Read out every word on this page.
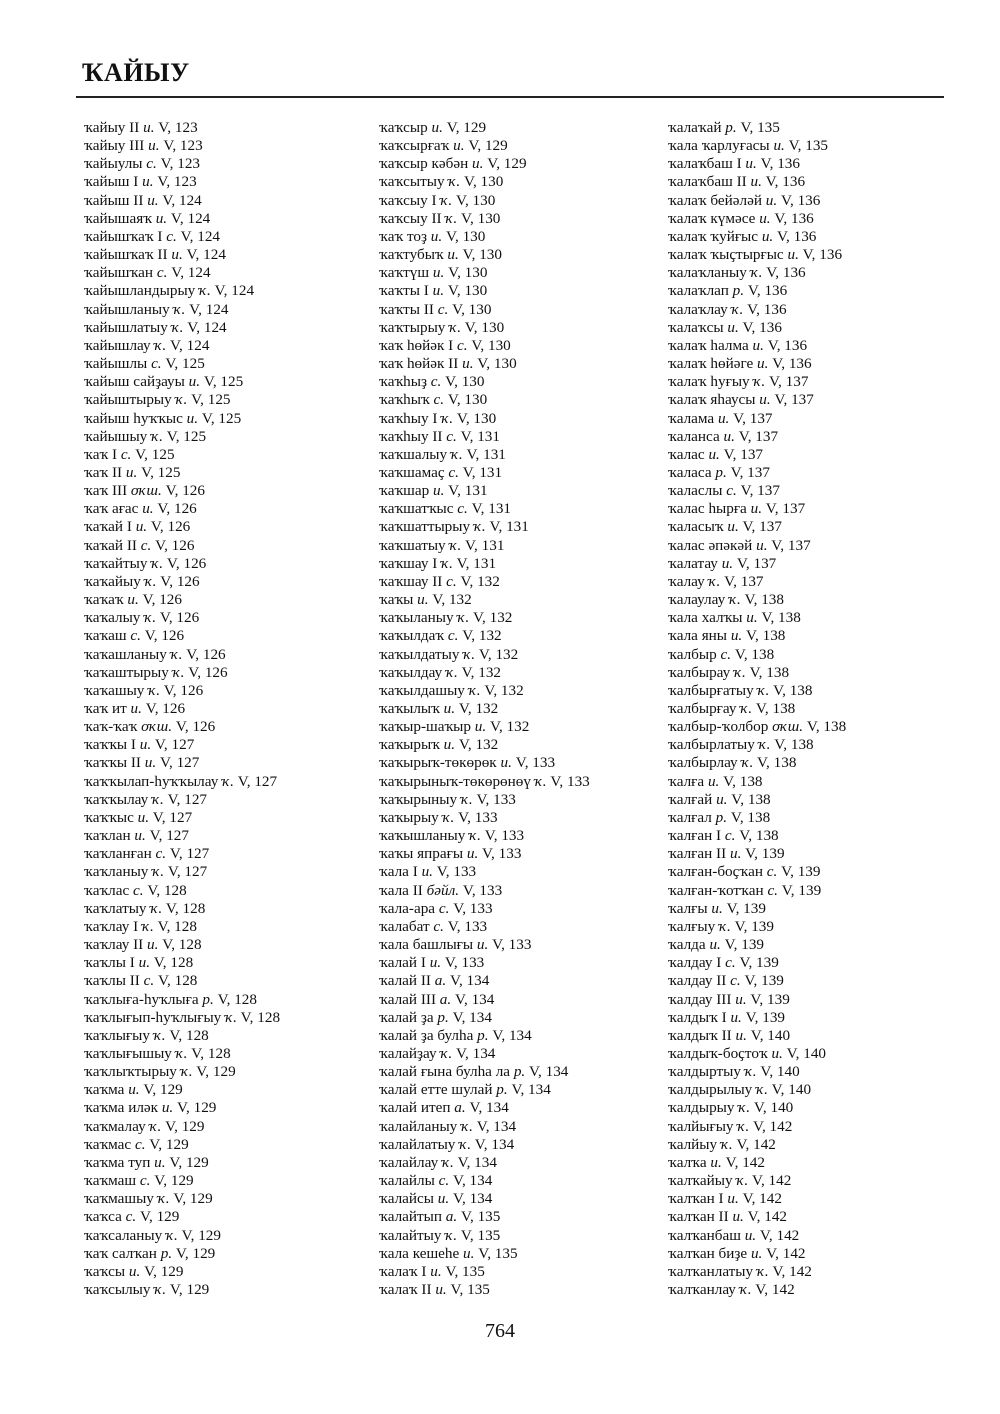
ҠАЙЫУ
ҡайыу II и. V, 123
ҡайыу III и. V, 123
ҡайыулы с. V, 123
ҡайыш I и. V, 123
ҡайыш II и. V, 124
ҡайышаяҡ и. V, 124
ҡайышҡаҡ I с. V, 124
ҡайышҡаҡ II и. V, 124
ҡайышҡан с. V, 124
ҡайышландырыу ҡ. V, 124
ҡайышланыу ҡ. V, 124
ҡайышлатыу ҡ. V, 124
ҡайышлау ҡ. V, 124
ҡайышлы с. V, 125
ҡайыш сайҙауы и. V, 125
ҡайыштырыу ҡ. V, 125
ҡайыш һуҡҡыс и. V, 125
ҡайышыу ҡ. V, 125
ҡаҡ I с. V, 125
ҡаҡ II и. V, 125
ҡаҡ III оҡш. V, 126
ҡаҡ ағас и. V, 126
ҡаҡай I и. V, 126
ҡаҡай II с. V, 126
ҡаҡайтыу ҡ. V, 126
ҡаҡайыу ҡ. V, 126
ҡаҡаҡ и. V, 126
ҡаҡалыу ҡ. V, 126
ҡаҡаш с. V, 126
ҡаҡашланыу ҡ. V, 126
ҡаҡаштырыу ҡ. V, 126
ҡаҡашыу ҡ. V, 126
ҡаҡ ит и. V, 126
ҡаҡ-ҡаҡ оҡш. V, 126
ҡаҡҡы I и. V, 127
ҡаҡҡы II и. V, 127
ҡаҡҡылап-һуҡҡылау ҡ. V, 127
ҡаҡҡылау ҡ. V, 127
ҡаҡҡыс и. V, 127
ҡаҡлан и. V, 127
ҡаҡланған с. V, 127
ҡаҡланыу ҡ. V, 127
ҡаҡлас с. V, 128
ҡаҡлатыу ҡ. V, 128
ҡаҡлау I ҡ. V, 128
ҡаҡлау II и. V, 128
ҡаҡлы I и. V, 128
ҡаҡлы II с. V, 128
ҡаҡлыға-һуҡлыға р. V, 128
ҡаҡлығып-һуҡлығыу ҡ. V, 128
ҡаҡлығыу ҡ. V, 128
ҡаҡлығышыу ҡ. V, 128
ҡаҡлыҡтырыу ҡ. V, 129
ҡаҡма и. V, 129
ҡаҡма иләк и. V, 129
ҡаҡмалау ҡ. V, 129
ҡаҡмас с. V, 129
ҡаҡма туп и. V, 129
ҡаҡмаш с. V, 129
ҡаҡмашыу ҡ. V, 129
ҡаҡса с. V, 129
ҡаҡсаланыу ҡ. V, 129
ҡаҡ салҡан р. V, 129
ҡаҡсы и. V, 129
ҡаҡсылыу ҡ. V, 129
ҡаҡсыр и. V, 129
ҡаҡсырғаҡ и. V, 129
ҡаҡсыр кәбән и. V, 129
ҡаҡсытыу ҡ. V, 130
ҡаҡсыу I ҡ. V, 130
ҡаҡсыу II ҡ. V, 130
ҡаҡ тоҙ и. V, 130
ҡаҡтубыҡ и. V, 130
ҡаҡтүш и. V, 130
ҡаҡты I и. V, 130
ҡаҡты II с. V, 130
ҡаҡтырыу ҡ. V, 130
ҡаҡ һөйәк I с. V, 130
ҡаҡ һөйәк II и. V, 130
ҡаҡһыҙ с. V, 130
ҡаҡһыҡ с. V, 130
ҡаҡһыу I ҡ. V, 130
ҡаҡһыу II с. V, 131
ҡаҡшалыу ҡ. V, 131
ҡаҡшамаҫ с. V, 131
ҡаҡшар и. V, 131
ҡаҡшатҡыс с. V, 131
ҡаҡшаттырыу ҡ. V, 131
ҡаҡшатыу ҡ. V, 131
ҡаҡшау I ҡ. V, 131
ҡаҡшау II с. V, 132
ҡаҡы и. V, 132
ҡаҡыланыу ҡ. V, 132
ҡаҡылдаҡ с. V, 132
ҡаҡылдатыу ҡ. V, 132
ҡаҡылдау ҡ. V, 132
ҡаҡылдашыу ҡ. V, 132
ҡаҡылыҡ и. V, 132
ҡаҡыр-шаҡыр и. V, 132
ҡаҡырыҡ и. V, 132
ҡаҡырыҡ-төкөрөк и. V, 133
ҡаҡырыныҡ-төкөрөнөү ҡ. V, 133
ҡаҡырыныу ҡ. V, 133
ҡаҡырыу ҡ. V, 133
ҡаҡышланыу ҡ. V, 133
ҡаҡы япрағы и. V, 133
ҡала I и. V, 133
ҡала II бәйл. V, 133
ҡала-ара с. V, 133
ҡалабат с. V, 133
ҡала башлығы и. V, 133
ҡалай I и. V, 133
ҡалай II а. V, 134
ҡалай III а. V, 134
ҡалай ҙа р. V, 134
ҡалай ҙа булһа р. V, 134
ҡалайҙау ҡ. V, 134
ҡалай ғына булһа ла р. V, 134
ҡалай етте шулай р. V, 134
ҡалай итеп а. V, 134
ҡалайланыу ҡ. V, 134
ҡалайлатыу ҡ. V, 134
ҡалайлау ҡ. V, 134
ҡалайлы с. V, 134
ҡалайсы и. V, 134
ҡалайтып а. V, 135
ҡалайтыу ҡ. V, 135
ҡала кешеһе и. V, 135
ҡалаҡ I и. V, 135
ҡалаҡ II и. V, 135
ҡалаҡай р. V, 135
ҡала ҡарлуғасы и. V, 135
ҡалаҡбаш I и. V, 136
ҡалаҡбаш II и. V, 136
ҡалаҡ бейәләй и. V, 136
ҡалаҡ күмәсе и. V, 136
ҡалаҡ ҡуйғыс и. V, 136
ҡалаҡ ҡыҫтырғыс и. V, 136
ҡалаҡланыу ҡ. V, 136
ҡалаҡлап р. V, 136
ҡалаҡлау ҡ. V, 136
ҡалаҡсы и. V, 136
ҡалаҡ һалма и. V, 136
ҡалаҡ һөйәге и. V, 136
ҡалаҡ һуғыу ҡ. V, 137
ҡалаҡ яһаусы и. V, 137
ҡалама и. V, 137
ҡаланса и. V, 137
ҡалас и. V, 137
ҡаласа р. V, 137
ҡаласлы с. V, 137
ҡалас һырға и. V, 137
ҡаласыҡ и. V, 137
ҡалас әпәкәй и. V, 137
ҡалатау и. V, 137
ҡалау ҡ. V, 137
ҡалаулау ҡ. V, 138
ҡала халҡы и. V, 138
ҡала яны и. V, 138
ҡалбыр с. V, 138
ҡалбырау ҡ. V, 138
ҡалбырғатыу ҡ. V, 138
ҡалбырғау ҡ. V, 138
ҡалбыр-ҡолбор оҡш. V, 138
ҡалбырлатыу ҡ. V, 138
ҡалбырлау ҡ. V, 138
ҡалға и. V, 138
ҡалғай и. V, 138
ҡалғал р. V, 138
ҡалған I с. V, 138
ҡалған II и. V, 139
ҡалған-боҫҡан с. V, 139
ҡалған-ҡотҡан с. V, 139
ҡалғы и. V, 139
ҡалғыу ҡ. V, 139
ҡалда и. V, 139
ҡалдау I с. V, 139
ҡалдау II с. V, 139
ҡалдау III и. V, 139
ҡалдыҡ I и. V, 139
ҡалдыҡ II и. V, 140
ҡалдыҡ-боҫтоҡ и. V, 140
ҡалдыртыу ҡ. V, 140
ҡалдырылыу ҡ. V, 140
ҡалдырыу ҡ. V, 140
ҡалйығыу ҡ. V, 142
ҡалйыу ҡ. V, 142
ҡалҡа и. V, 142
ҡалҡайыу ҡ. V, 142
ҡалҡан I и. V, 142
ҡалҡан II и. V, 142
ҡалҡанбаш и. V, 142
ҡалҡан биҙе и. V, 142
ҡалҡанлатыу ҡ. V, 142
ҡалҡанлау ҡ. V, 142
764
